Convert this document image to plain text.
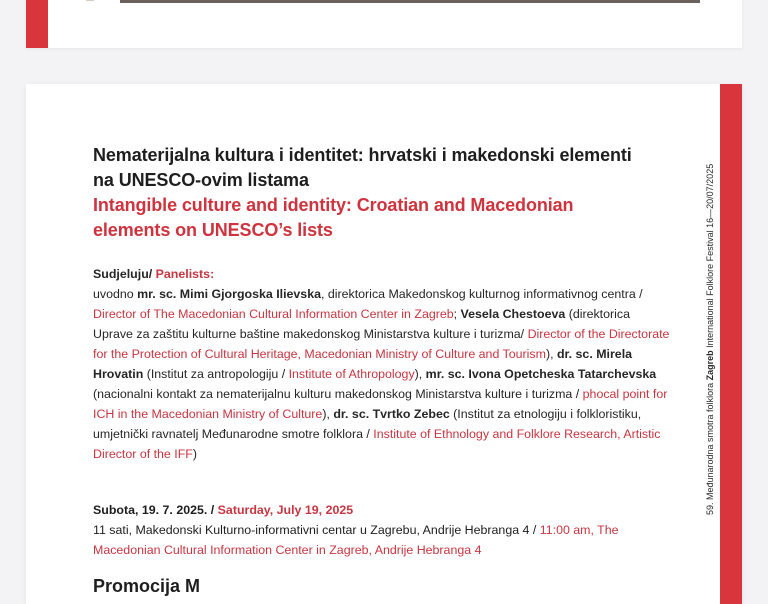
59. Međunarodna smotra folklora Zagreb International Folklore Festival 16—20/07/2025
Nematerijalna kultura i identitet: hrvatski i makedonski elementi na UNESCO-ovim listama
Intangible culture and identity: Croatian and Macedonian elements on UNESCO’s lists
Sudjeluju/ Panelists:
uvodno mr. sc. Mimi Gjorgoska Ilievska, direktorica Makedonskog kulturnog informativnog centra / Director of The Macedonian Cultural Information Center in Zagreb; Vesela Chestoeva (direktorica Uprave za zaštitu kulturne baštine makedonskog Ministarstva kulture i turizma/ Director of the Directorate for the Protection of Cultural Heritage, Macedonian Ministry of Culture and Tourism), dr. sc. Mirela Hrovatin (Institut za antropologiju / Institute of Athropology), mr. sc. Ivona Opetcheska Tatarchevska (nacionalni kontakt za nematerijalnu kulturu makedonskog Ministarstva kulture i turizma / phocal point for ICH in the Macedonian Ministry of Culture), dr. sc. Tvrtko Zebec (Institut za etnologiju i folkloristiku, umjetnički ravnatelj Međunarodne smotre folklora / Institute of Ethnology and Folklore Research, Artistic Director of the IFF)
Subota, 19. 7. 2025. / Saturday, July 19, 2025
11 sati, Makedonski Kulturno-informativni centar u Zagrebu, Andrije Hebranga 4 / 11:00 am, The Macedonian Cultural Information Center in Zagreb, Andrije Hebranga 4
Promocija M
